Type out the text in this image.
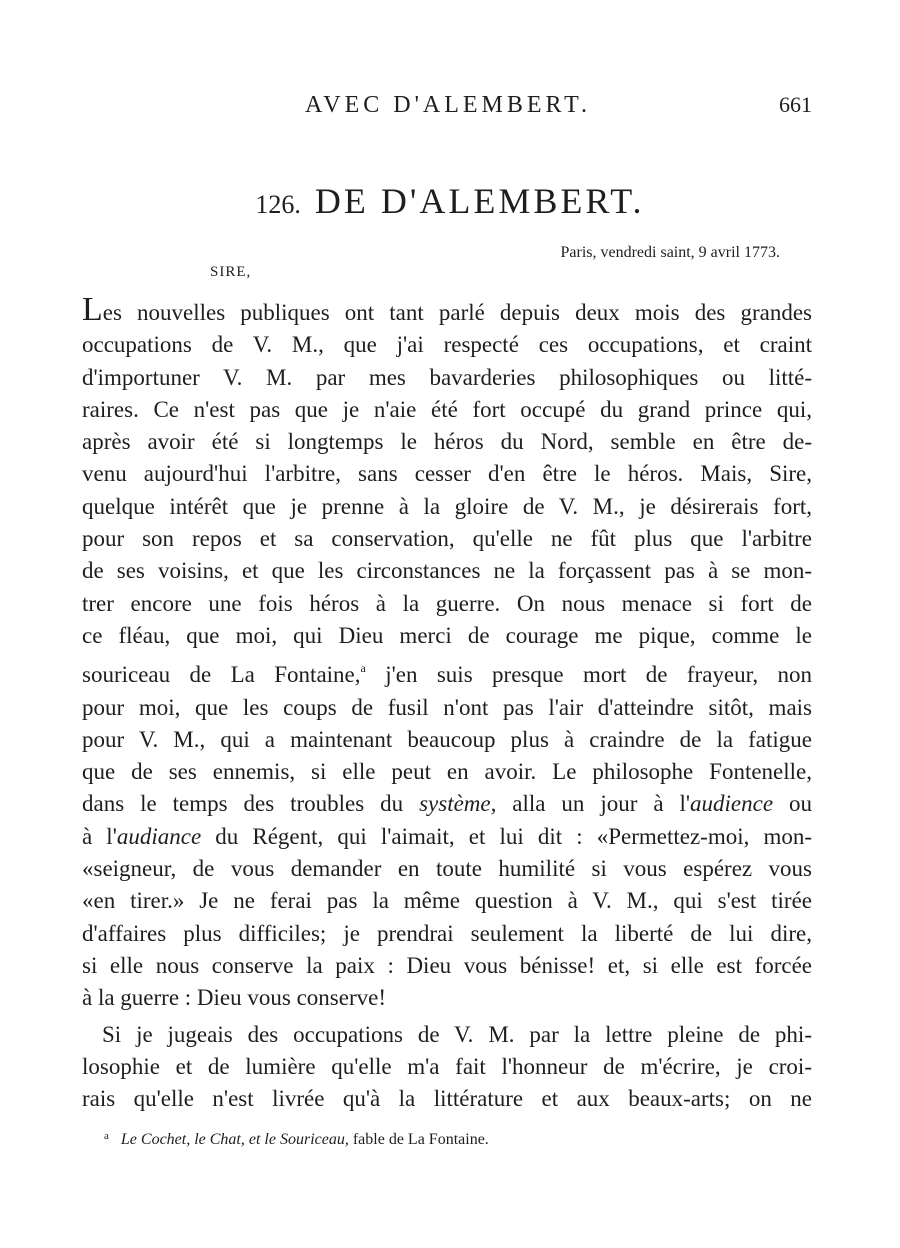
AVEC D'ALEMBERT.	661
126. DE D'ALEMBERT.
Paris, vendredi saint, 9 avril 1773.
SIRE,

Les nouvelles publiques ont tant parlé depuis deux mois des grandes
occupations de V. M., que j'ai respecté ces occupations, et craint
d'importuner V. M. par mes bavarderies philosophiques ou litté-
raires. Ce n'est pas que je n'aie été fort occupé du grand prince qui,
après avoir été si longtemps le héros du Nord, semble en être de-
venu aujourd'hui l'arbitre, sans cesser d'en être le héros. Mais, Sire,
quelque intérêt que je prenne à la gloire de V. M., je désirerais fort,
pour son repos et sa conservation, qu'elle ne fût plus que l'arbitre
de ses voisins, et que les circonstances ne la forçassent pas à se mon-
trer encore une fois héros à la guerre. On nous menace si fort de
ce fléau, que moi, qui Dieu merci de courage me pique, comme le
souriceau de La Fontaine,$^a$ j'en suis presque mort de frayeur, non
pour moi, que les coups de fusil n'ont pas l'air d'atteindre sitôt, mais
pour V. M., qui a maintenant beaucoup plus à craindre de la fatigue
que de ses ennemis, si elle peut en avoir. Le philosophe Fontenelle,
dans le temps des troubles du système, alla un jour à l'audience ou
à l'audiance du Régent, qui l'aimait, et lui dit : «Permettez-moi, mon-
«seigneur, de vous demander en toute humilité si vous espérez vous
«en tirer.» Je ne ferai pas la même question à V. M., qui s'est tirée
d'affaires plus difficiles; je prendrai seulement la liberté de lui dire,
si elle nous conserve la paix : Dieu vous bénisse! et, si elle est forcée
à la guerre : Dieu vous conserve!

Si je jugeais des occupations de V. M. par la lettre pleine de phi-
losophie et de lumière qu'elle m'a fait l'honneur de m'écrire, je croi-
rais qu'elle n'est livrée qu'à la littérature et aux beaux-arts; on ne

$^a$ Le Cochet, le Chat, et le Souriceau, fable de La Fontaine.
